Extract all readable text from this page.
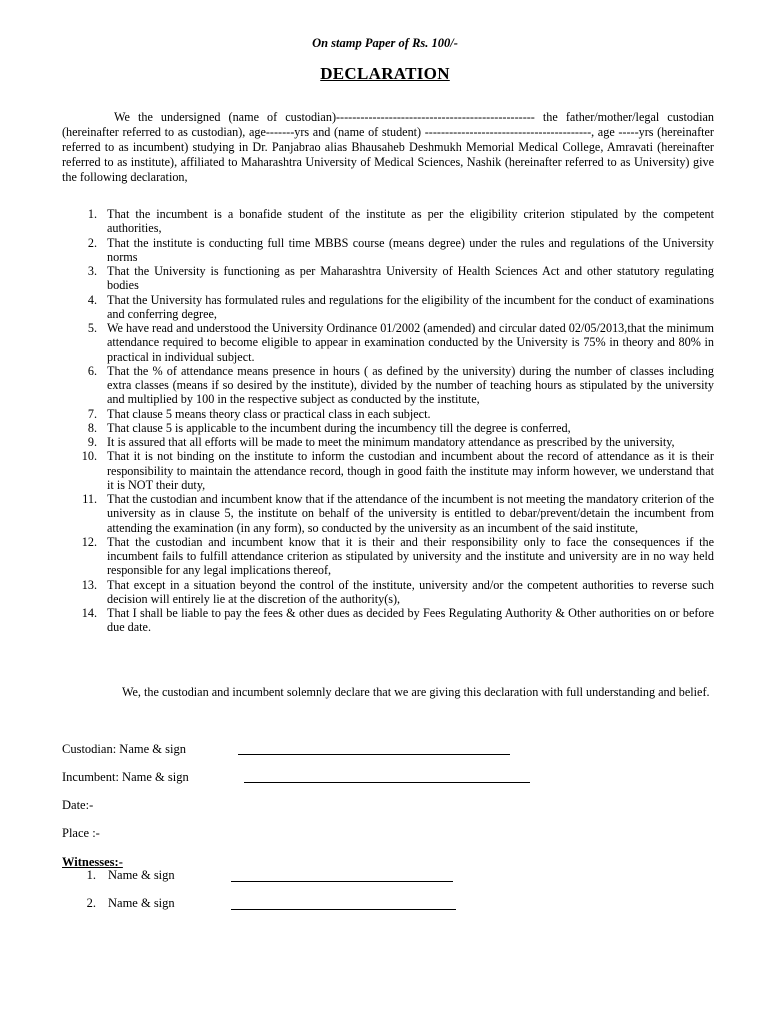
On stamp Paper of Rs. 100/-
DECLARATION

We the undersigned (name of custodian)------------------------------------------------- the father/mother/legal custodian (hereinafter referred to as custodian), age-------yrs and (name of student) -----------------------------------------, age -----yrs (hereinafter referred to as incumbent) studying in Dr. Panjabrao alias Bhausaheb Deshmukh Memorial Medical College, Amravati (hereinafter referred to as institute), affiliated to Maharashtra University of Medical Sciences, Nashik (hereinafter referred to as University) give the following declaration,

1. That the incumbent is a bonafide student of the institute as per the eligibility criterion stipulated by the competent authorities,
2. That the institute is conducting full time MBBS course (means degree) under the rules and regulations of the University norms
3. That the University is functioning as per Maharashtra University of Health Sciences Act and other statutory regulating bodies
4. That the University has formulated rules and regulations for the eligibility of the incumbent for the conduct of examinations and conferring degree,
5. We have read and understood the University Ordinance 01/2002 (amended) and circular dated 02/05/2013,that the minimum attendance required to become eligible to appear in examination conducted by the University is 75% in theory and 80% in practical in individual subject.
6. That the % of attendance means presence in hours ( as defined by the university) during the number of classes including extra classes (means if so desired by the institute), divided by the number of teaching hours as stipulated by the university and multiplied by 100 in the respective subject as conducted by the institute,
7. That clause 5 means theory class or practical class in each subject.
8. That clause 5 is applicable to the incumbent during the incumbency till the degree is conferred,
9. It is assured that all efforts will be made to meet the minimum mandatory attendance as prescribed by the university,
10. That it is not binding on the institute to inform the custodian and incumbent about the record of attendance as it is their responsibility to maintain the attendance record, though in good faith the institute may inform however, we understand that it is NOT their duty,
11. That the custodian and incumbent know that if the attendance of the incumbent is not meeting the mandatory criterion of the university as in clause 5, the institute on behalf of the university is entitled to debar/prevent/detain the incumbent from attending the examination (in any form), so conducted by the university as an incumbent of the said institute,
12. That the custodian and incumbent know that it is their and their responsibility only to face the consequences if the incumbent fails to fulfill attendance criterion as stipulated by university and the institute and university are in no way held responsible for any legal implications thereof,
13. That except in a situation beyond the control of the institute, university and/or the competent authorities to reverse such decision will entirely lie at the discretion of the authority(s),
14. That I shall be liable to pay the fees & other dues as decided by Fees Regulating Authority & Other authorities on or before due date.

We, the custodian and incumbent solemnly declare that we are giving this declaration with full understanding and belief.

Custodian: Name & sign
Incumbent: Name & sign
Date:-
Place :-
Witnesses:-
1. Name & sign
2. Name & sign
